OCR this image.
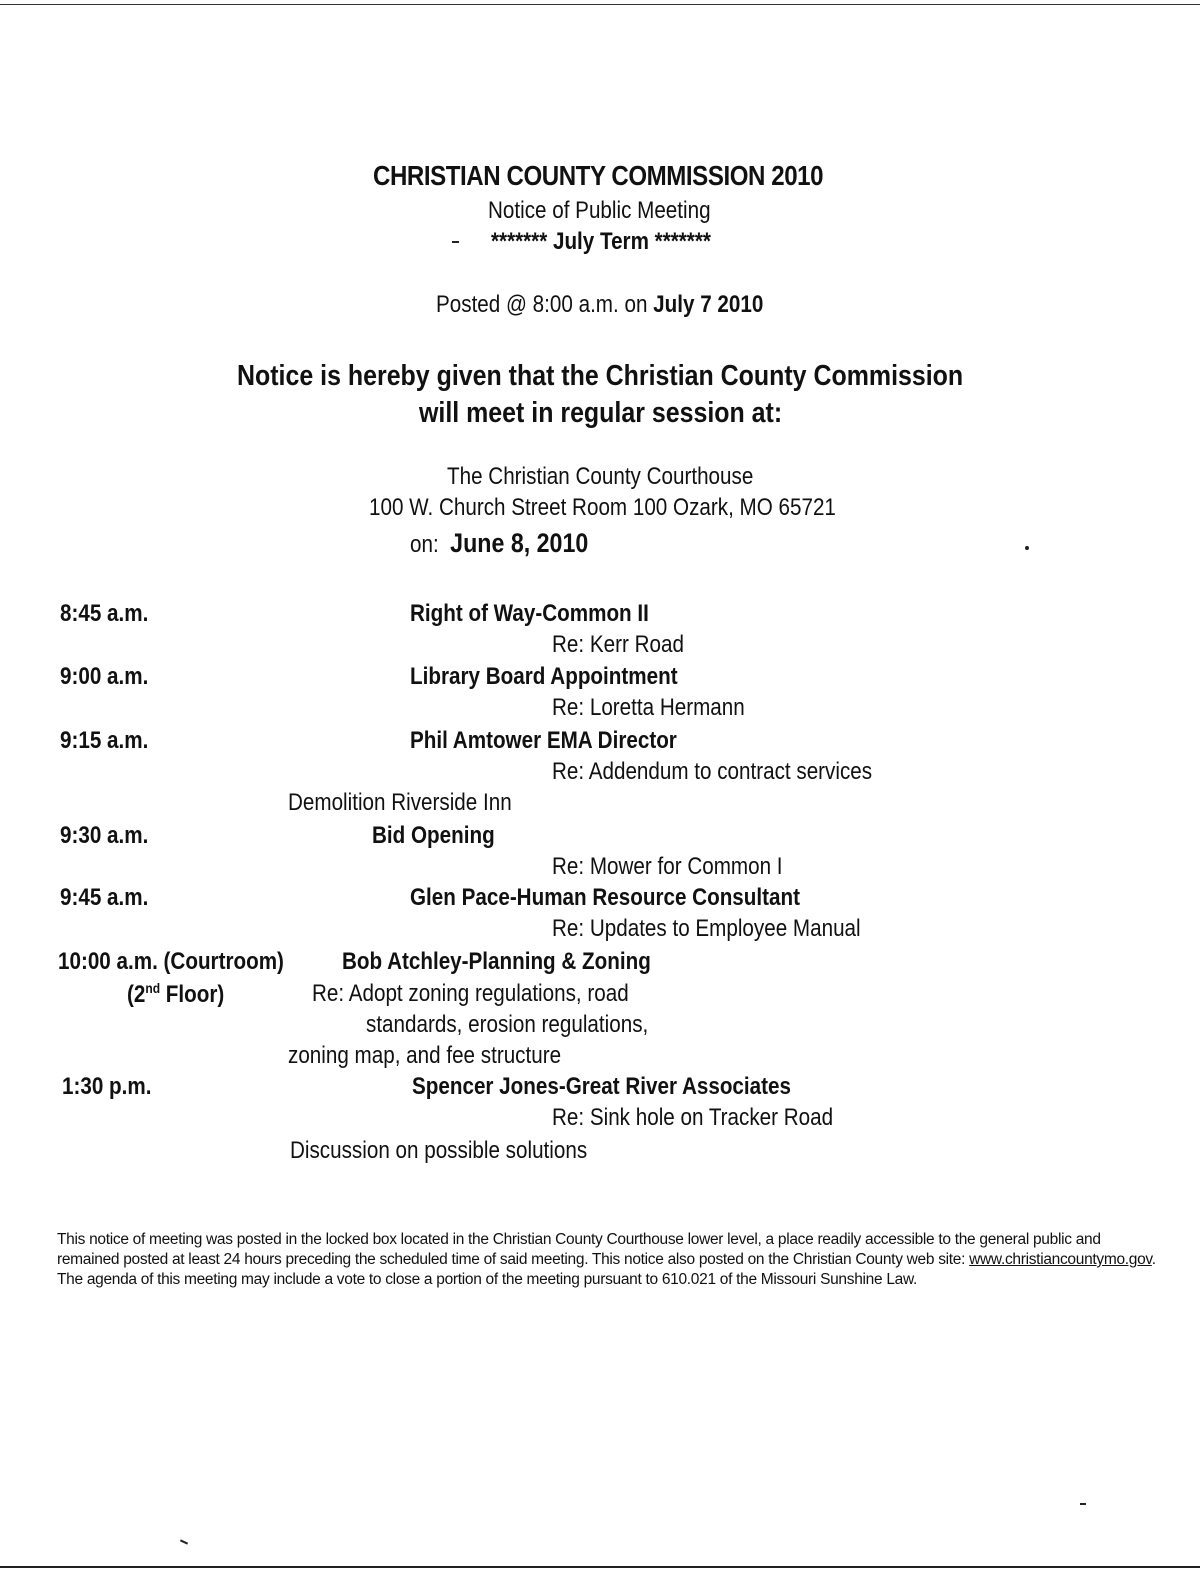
CHRISTIAN COUNTY COMMISSION 2010
Notice of Public Meeting
******* July Term *******
Posted @ 8:00 a.m. on July 7 2010
Notice is hereby given that the Christian County Commission
will meet in regular session at:
The Christian County Courthouse
100 W. Church Street Room 100 Ozark, MO 65721
on: June 8, 2010
8:45 a.m.	Right of Way-Common II
Re: Kerr Road
9:00 a.m.	Library Board Appointment
Re: Loretta Hermann
9:15 a.m.	Phil Amtower EMA Director
Re: Addendum to contract services
Demolition Riverside Inn
9:30 a.m.	Bid Opening
Re: Mower for Common I
9:45 a.m.	Glen Pace-Human Resource Consultant
Re: Updates to Employee Manual
10:00 a.m. (Courtroom)	Bob Atchley-Planning & Zoning
(2nd Floor)	Re: Adopt zoning regulations, road
standards, erosion regulations,
zoning map, and fee structure
1:30 p.m.	Spencer Jones-Great River Associates
Re: Sink hole on Tracker Road
Discussion on possible solutions
This notice of meeting was posted in the locked box located in the Christian County Courthouse lower level, a place readily accessible to the general public and remained posted at least 24 hours preceding the scheduled time of said meeting. This notice also posted on the Christian County web site: www.christiancountymo.gov. The agenda of this meeting may include a vote to close a portion of the meeting pursuant to 610.021 of the Missouri Sunshine Law.
